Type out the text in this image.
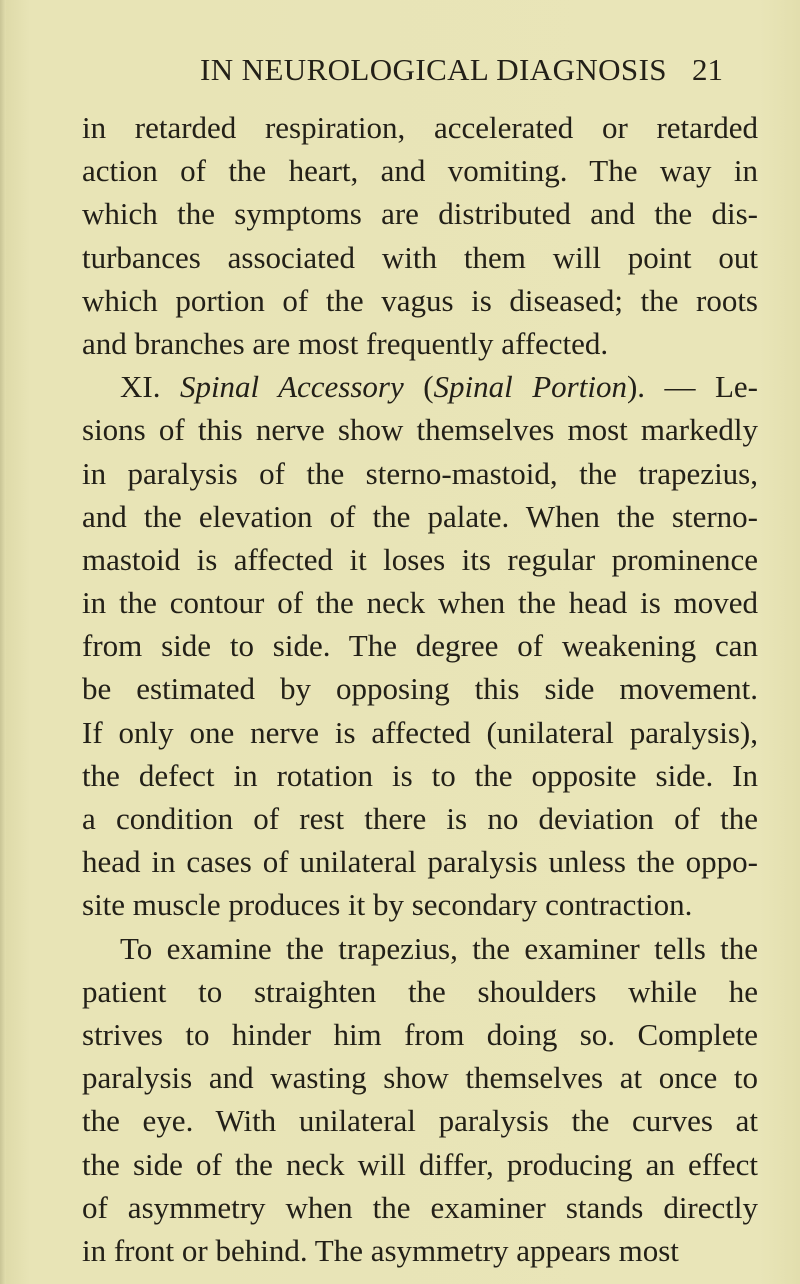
IN NEUROLOGICAL DIAGNOSIS 21
in retarded respiration, accelerated or retarded
action of the heart, and vomiting. The way in
which the symptoms are distributed and the dis-
turbances associated with them will point out
which portion of the vagus is diseased; the roots
and branches are most frequently affected.
XI. Spinal Accessory (Spinal Portion). — Le-
sions of this nerve show themselves most markedly
in paralysis of the sterno-mastoid, the trapezius,
and the elevation of the palate. When the sterno-
mastoid is affected it loses its regular prominence
in the contour of the neck when the head is moved
from side to side. The degree of weakening can
be estimated by opposing this side movement.
If only one nerve is affected (unilateral paralysis),
the defect in rotation is to the opposite side. In
a condition of rest there is no deviation of the
head in cases of unilateral paralysis unless the oppo-
site muscle produces it by secondary contraction.
To examine the trapezius, the examiner tells the
patient to straighten the shoulders while he
strives to hinder him from doing so. Complete
paralysis and wasting show themselves at once to
the eye. With unilateral paralysis the curves at
the side of the neck will differ, producing an effect
of asymmetry when the examiner stands directly
in front or behind. The asymmetry appears most
